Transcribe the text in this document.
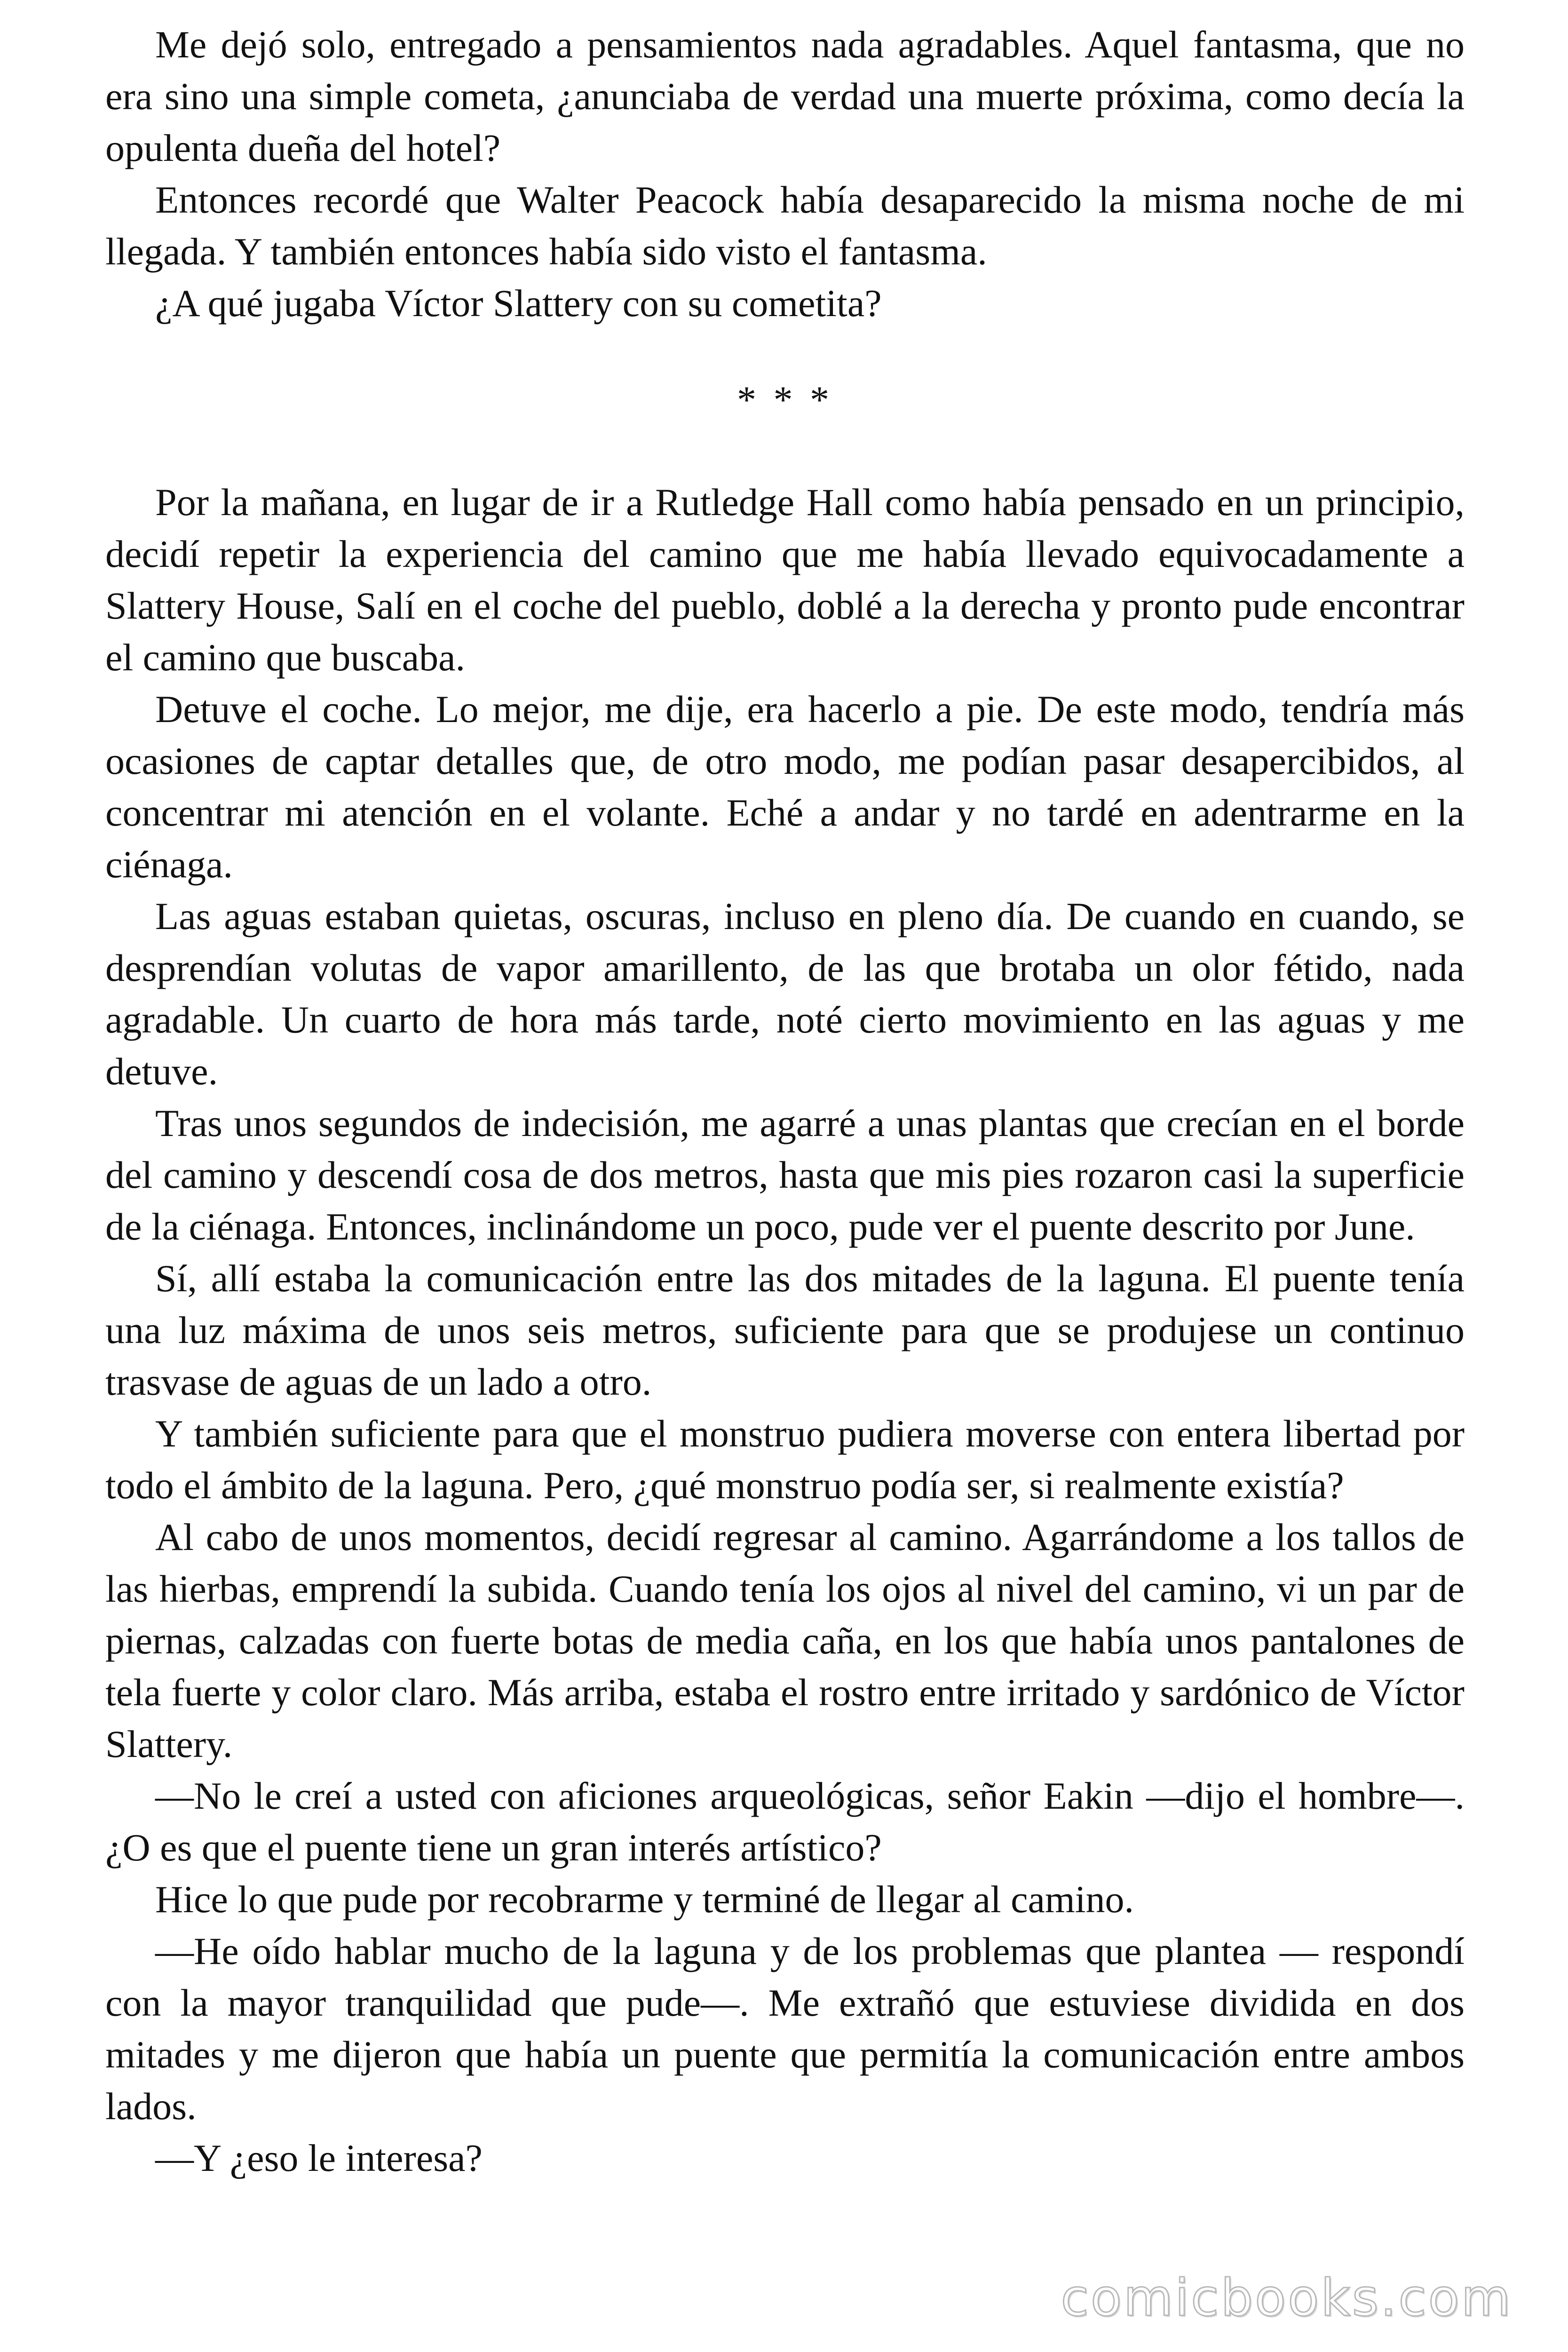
Me dejó solo, entregado a pensamientos nada agradables. Aquel fantasma, que no era sino una simple cometa, ¿anunciaba de verdad una muerte próxima, como decía la opulenta dueña del hotel?

Entonces recordé que Walter Peacock había desaparecido la misma noche de mi llegada. Y también entonces había sido visto el fantasma.

¿A qué jugaba Víctor Slattery con su cometita?

* * *

Por la mañana, en lugar de ir a Rutledge Hall como había pensado en un principio, decidí repetir la experiencia del camino que me había llevado equivocadamente a Slattery House, Salí en el coche del pueblo, doblé a la derecha y pronto pude encontrar el camino que buscaba.

Detuve el coche. Lo mejor, me dije, era hacerlo a pie. De este modo, tendría más ocasiones de captar detalles que, de otro modo, me podían pasar desapercibidos, al concentrar mi atención en el volante. Eché a andar y no tardé en adentrarme en la ciénaga.

Las aguas estaban quietas, oscuras, incluso en pleno día. De cuando en cuando, se desprendían volutas de vapor amarillento, de las que brotaba un olor fétido, nada agradable. Un cuarto de hora más tarde, noté cierto movimiento en las aguas y me detuve.

Tras unos segundos de indecisión, me agarré a unas plantas que crecían en el borde del camino y descendí cosa de dos metros, hasta que mis pies rozaron casi la superficie de la ciénaga. Entonces, inclinándome un poco, pude ver el puente descrito por June.

Sí, allí estaba la comunicación entre las dos mitades de la laguna. El puente tenía una luz máxima de unos seis metros, suficiente para que se produjese un continuo trasvase de aguas de un lado a otro.

Y también suficiente para que el monstruo pudiera moverse con entera libertad por todo el ámbito de la laguna. Pero, ¿qué monstruo podía ser, si realmente existía?

Al cabo de unos momentos, decidí regresar al camino. Agarrándome a los tallos de las hierbas, emprendí la subida. Cuando tenía los ojos al nivel del camino, vi un par de piernas, calzadas con fuerte botas de media caña, en los que había unos pantalones de tela fuerte y color claro. Más arriba, estaba el rostro entre irritado y sardónico de Víctor Slattery.

—No le creí a usted con aficiones arqueológicas, señor Eakin —dijo el hombre—. ¿O es que el puente tiene un gran interés artístico?

Hice lo que pude por recobrarme y terminé de llegar al camino.

—He oído hablar mucho de la laguna y de los problemas que plantea — respondí con la mayor tranquilidad que pude—. Me extrañó que estuviese dividida en dos mitades y me dijeron que había un puente que permitía la comunicación entre ambos lados.

—Y ¿eso le interesa?

comicbooks.com
